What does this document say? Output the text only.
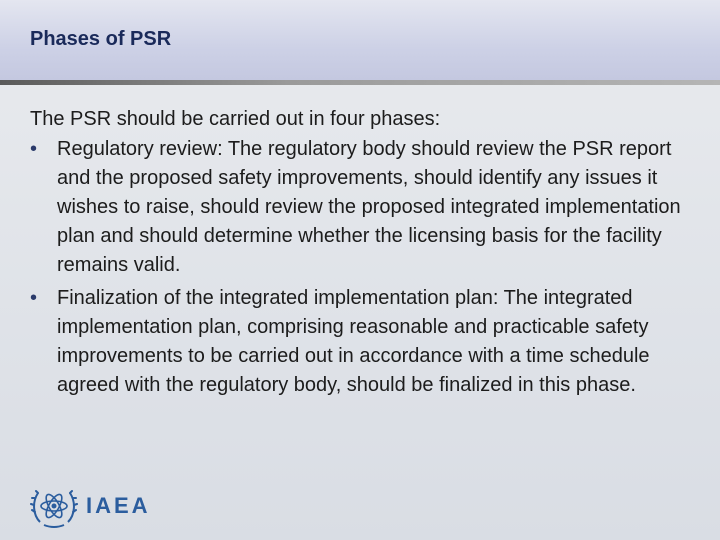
Phases of PSR

The PSR should be carried out in four phases:

• Regulatory review: The regulatory body should review the PSR report and the proposed safety improvements, should identify any issues it wishes to raise, should review the proposed integrated implementation plan and should determine whether the licensing basis for the facility remains valid.
• Finalization of the integrated implementation plan: The integrated implementation plan, comprising reasonable and practicable safety improvements to be carried out in accordance with a time schedule agreed with the regulatory body, should be finalized in this phase.
IAEA
